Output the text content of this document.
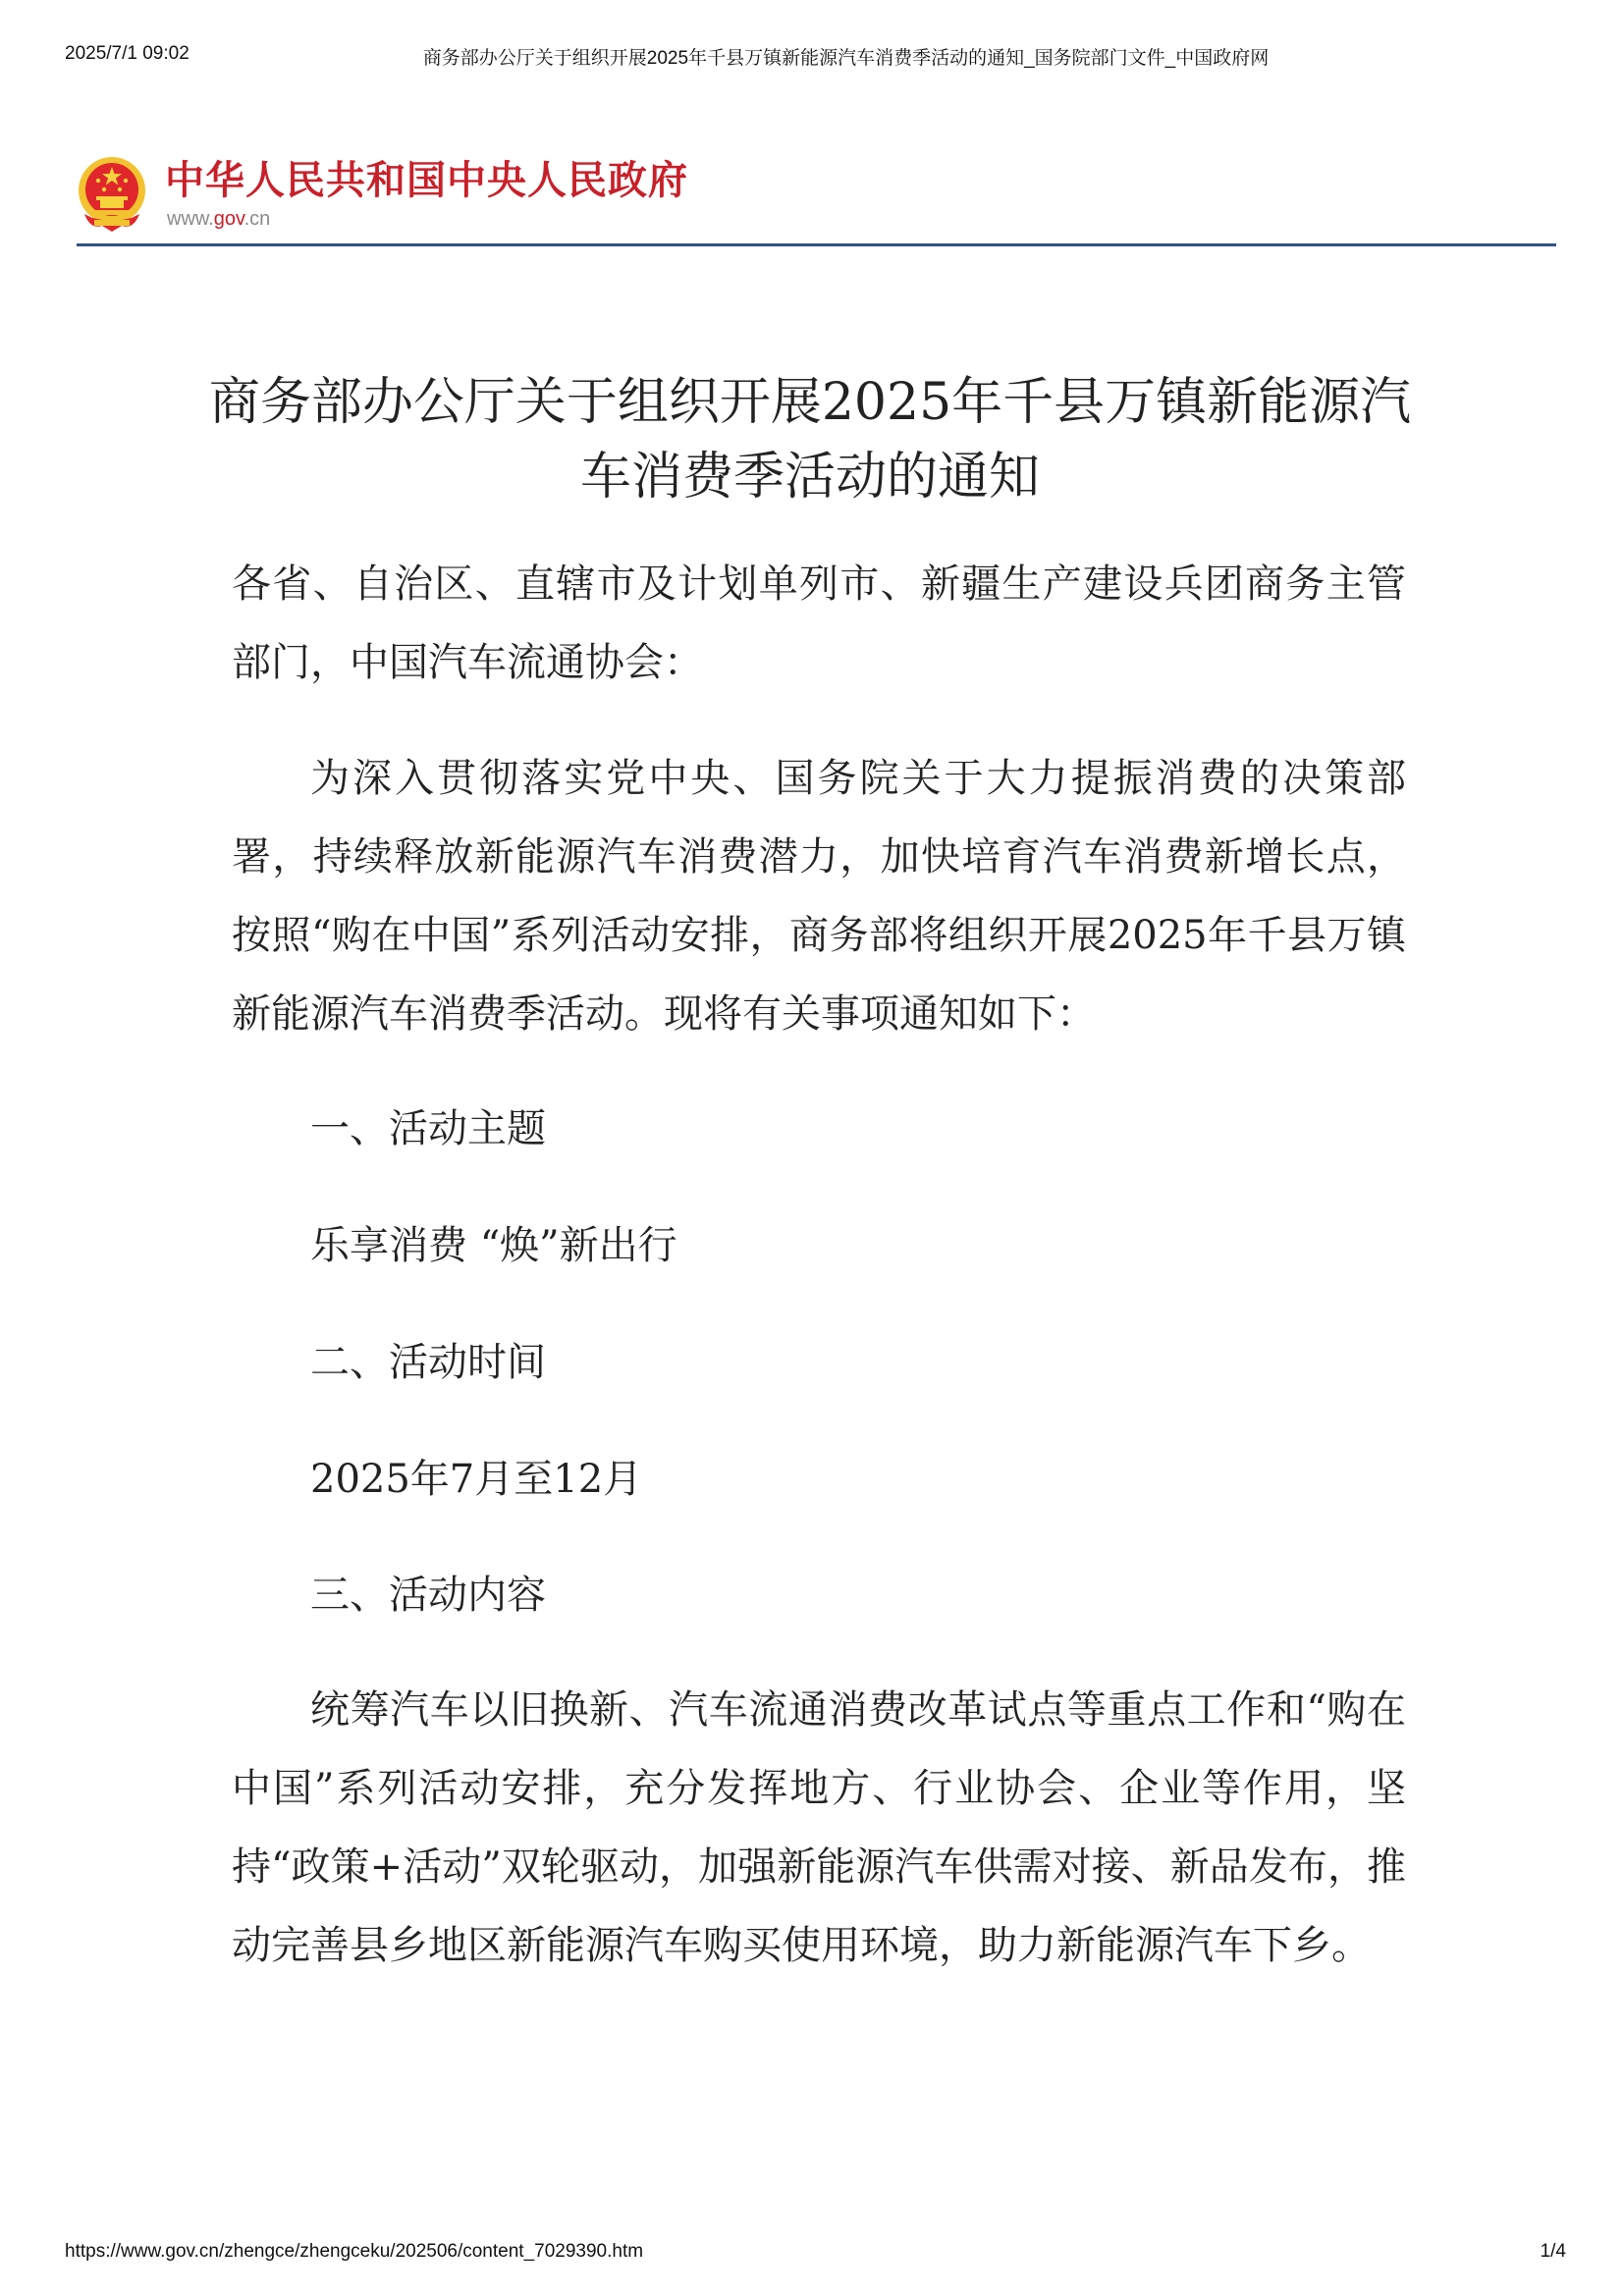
2025/7/1 09:02	商务部办公厅关于组织开展2025年千县万镇新能源汽车消费季活动的通知_国务院部门文件_中国政府网
中华人民共和国中央人民政府
www.gov.cn
商务部办公厅关于组织开展2025年千县万镇新能源汽车消费季活动的通知
各省、自治区、直辖市及计划单列市、新疆生产建设兵团商务主管部门，中国汽车流通协会：
为深入贯彻落实党中央、国务院关于大力提振消费的决策部署，持续释放新能源汽车消费潜力，加快培育汽车消费新增长点，按照“购在中国”系列活动安排，商务部将组织开展2025年千县万镇新能源汽车消费季活动。现将有关事项通知如下：
一、活动主题
乐享消费 “焕”新出行
二、活动时间
2025年7月至12月
三、活动内容
统筹汽车以旧换新、汽车流通消费改革试点等重点工作和“购在中国”系列活动安排，充分发挥地方、行业协会、企业等作用，坚持“政策+活动”双轮驱动，加强新能源汽车供需对接、新品发布，推动完善县乡地区新能源汽车购买使用环境，助力新能源汽车下乡。
https://www.gov.cn/zhengce/zhengceku/202506/content_7029390.htm	1/4
